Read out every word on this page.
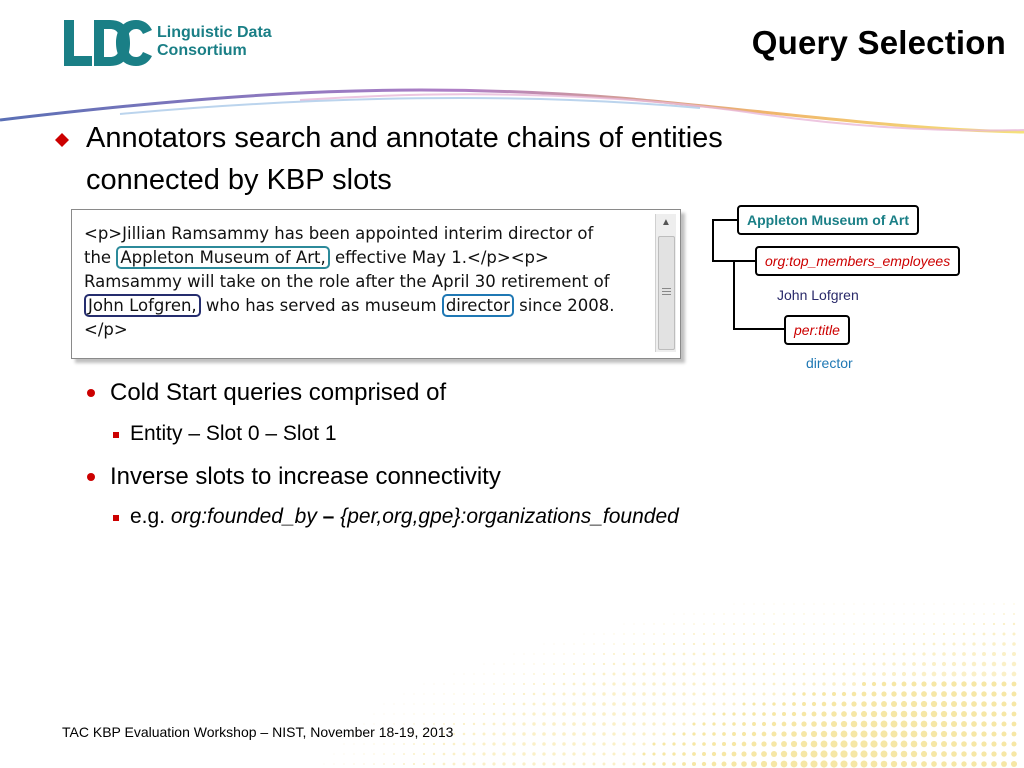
Linguistic Data
Consortium	Query Selection
Annotators search and annotate chains of entities connected by KBP slots
<p>Jillian Ramsammy has been appointed interim director of
the Appleton Museum of Art, effective May 1.</p><p>
Ramsammy will take on the role after the April 30 retirement of
John Lofgren, who has served as museum director since 2008.
</p>
▲	Appleton Museum of Art
org:top_members_employees
John Lofgren
per:title
director
Cold Start queries comprised of
Entity – Slot 0 – Slot 1
Inverse slots to increase connectivity
e.g. org:founded_by – {per,org,gpe}:organizations_founded
TAC KBP Evaluation Workshop – NIST, November 18-19, 2013
